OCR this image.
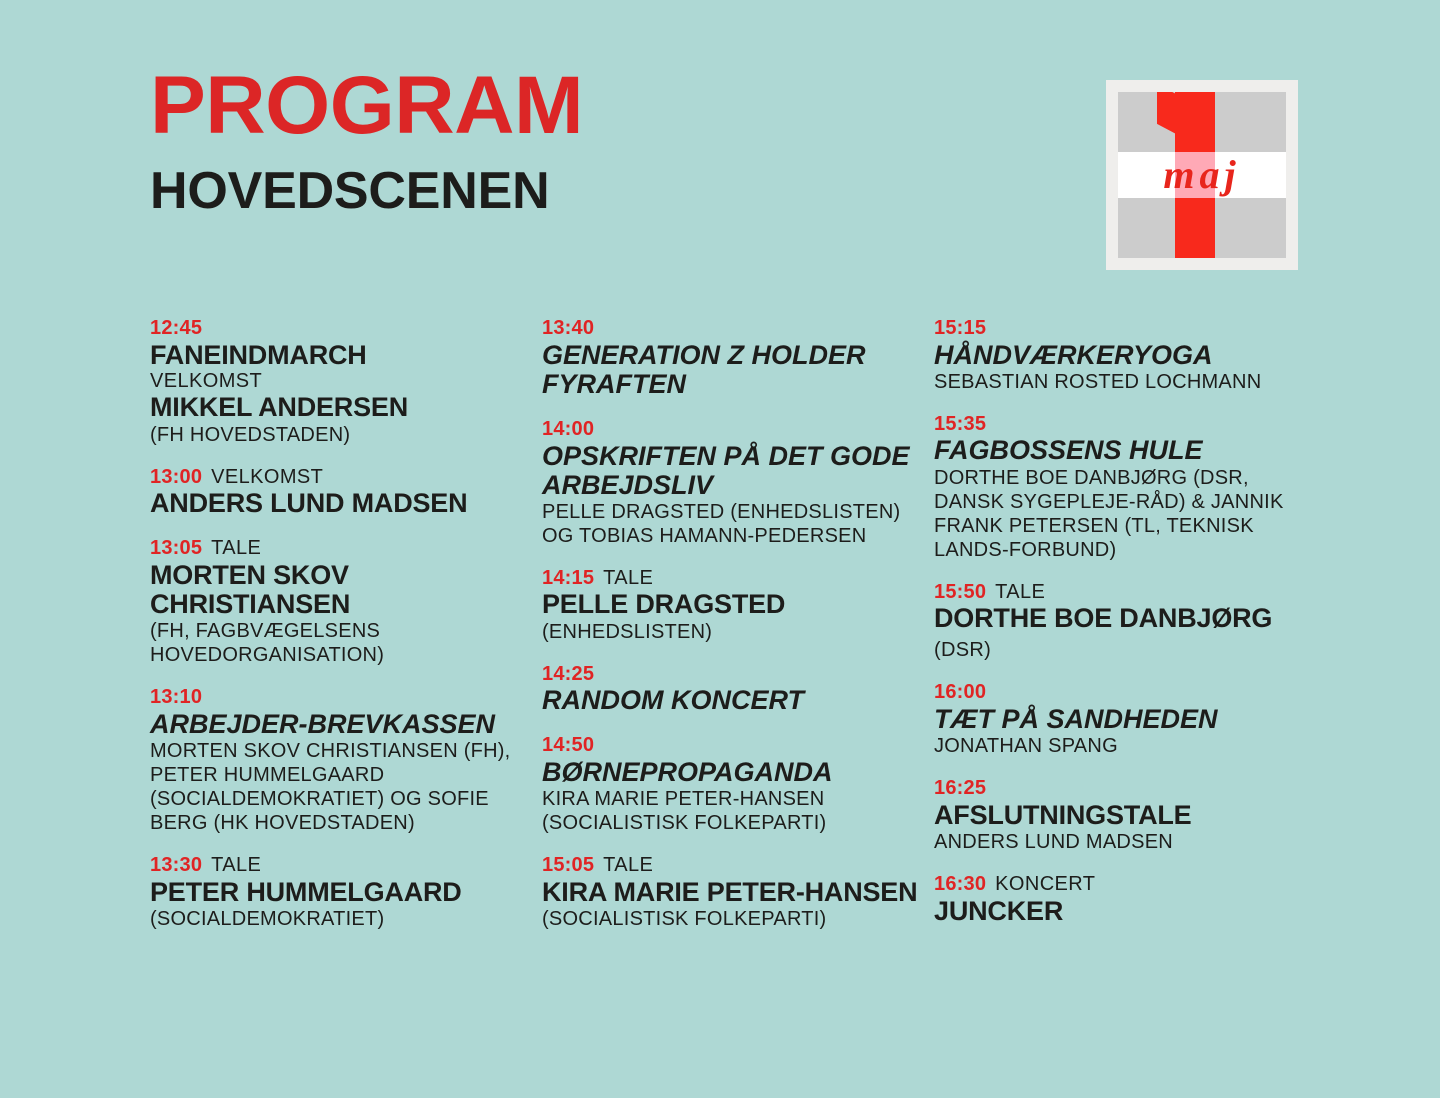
PROGRAM
HOVEDSCENEN	maj

12:45

FANEINDMARCH

VELKOMST

MIKKEL ANDERSEN

(FH HOVEDSTADEN)

13:00 VELKOMST

ANDERS LUND MADSEN

13:05 TALE

MORTEN SKOV CHRISTIANSEN

(FH, FAGBVÆGELSENS HOVEDORGANISATION)

13:10

ARBEJDER-BREVKASSEN

MORTEN SKOV CHRISTIANSEN (FH), PETER HUMMELGAARD (SOCIALDEMOKRATIET) OG SOFIE BERG (HK HOVEDSTADEN)

13:30 TALE

PETER HUMMELGAARD

(SOCIALDEMOKRATIET)

13:40

GENERATION Z HOLDER FYRAFTEN

14:00

OPSKRIFTEN PÅ DET GODE ARBEJDSLIV

PELLE DRAGSTED (ENHEDSLISTEN) OG TOBIAS HAMANN-PEDERSEN

14:15 TALE

PELLE DRAGSTED

(ENHEDSLISTEN)

14:25

RANDOM KONCERT

14:50

BØRNEPROPAGANDA

KIRA MARIE PETER-HANSEN (SOCIALISTISK FOLKEPARTI)

15:05 TALE

KIRA MARIE PETER-HANSEN

(SOCIALISTISK FOLKEPARTI)

15:15

HÅNDVÆRKERYOGA

SEBASTIAN ROSTED LOCHMANN

15:35

FAGBOSSENS HULE

DORTHE BOE DANBJØRG (DSR, DANSK SYGEPLEJE-RÅD) & JANNIK FRANK PETERSEN (TL, TEKNISK LANDS-FORBUND)

15:50 TALE

DORTHE BOE DANBJØRG (DSR)

16:00

TÆT PÅ SANDHEDEN

JONATHAN SPANG

16:25

AFSLUTNINGSTALE

ANDERS LUND MADSEN

16:30 KONCERT

JUNCKER
